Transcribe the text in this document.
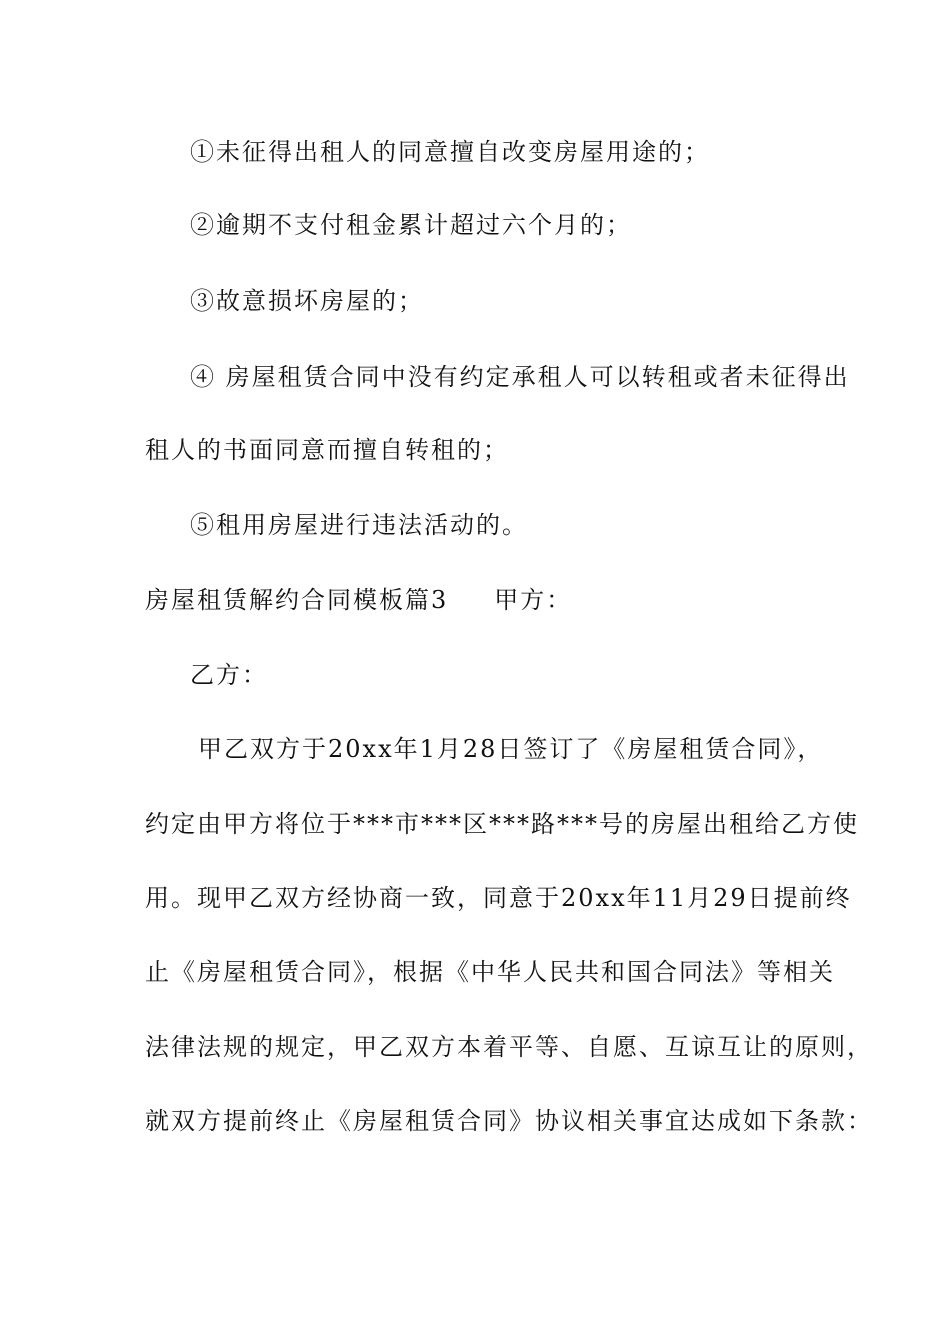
①未征得出租人的同意擅自改变房屋用途的；
②逾期不支付租金累计超过六个月的；
③故意损坏房屋的；
④ 房屋租赁合同中没有约定承租人可以转租或者未征得出
租人的书面同意而擅自转租的；
⑤租用房屋进行违法活动的。
房屋租赁解约合同模板篇3 甲方：
乙方：
甲乙双方于20xx年1月28日签订了《房屋租赁合同》，
约定由甲方将位于***市***区***路***号的房屋出租给乙方使
用。现甲乙双方经协商一致，同意于20xx年11月29日提前终
止《房屋租赁合同》，根据《中华人民共和国合同法》等相关
法律法规的规定，甲乙双方本着平等、自愿、互谅互让的原则，
就双方提前终止《房屋租赁合同》协议相关事宜达成如下条款：
